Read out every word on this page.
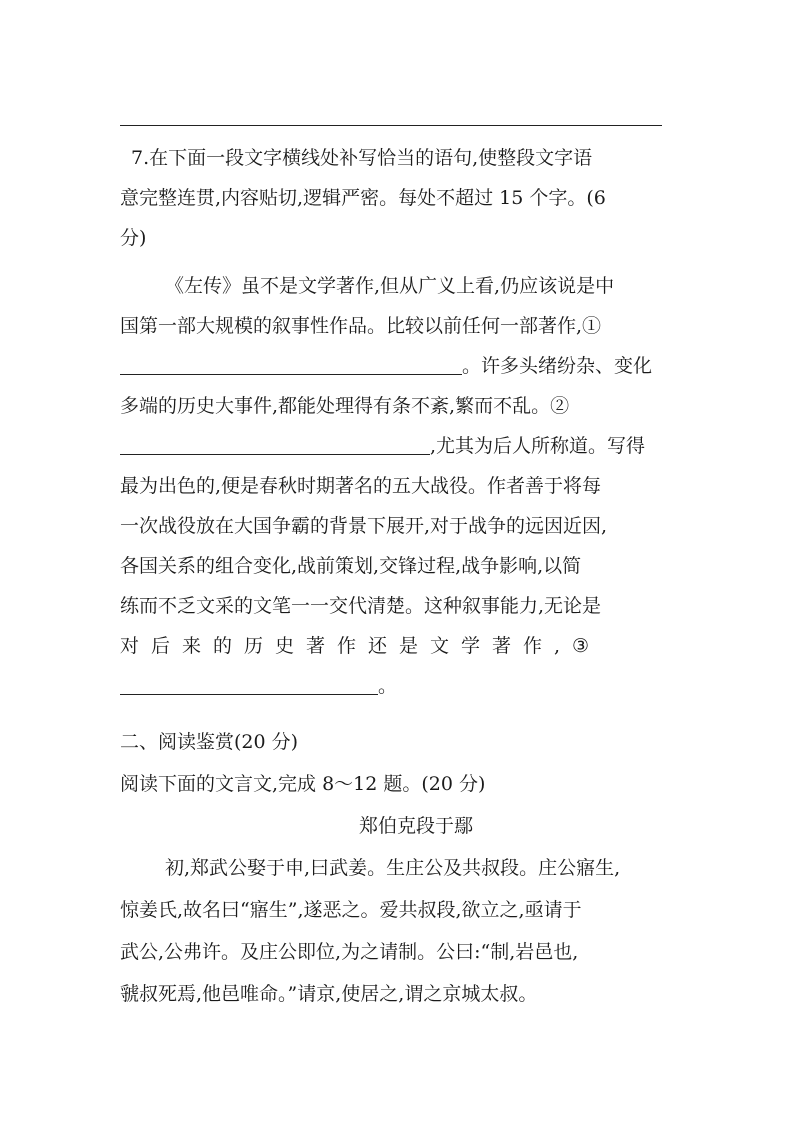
7.在下面一段文字横线处补写恰当的语句,使整段文字语
意完整连贯,内容贴切,逻辑严密。每处不超过 15 个字。(6
分)
《左传》虽不是文学著作,但从广义上看,仍应该说是中
国第一部大规模的叙事性作品。比较以前任何一部著作,①
。许多头绪纷杂、变化
多端的历史大事件,都能处理得有条不紊,繁而不乱。②
,尤其为后人所称道。写得
最为出色的,便是春秋时期著名的五大战役。作者善于将每
一次战役放在大国争霸的背景下展开,对于战争的远因近因,
各国关系的组合变化,战前策划,交锋过程,战争影响,以简
练而不乏文采的文笔一一交代清楚。这种叙事能力,无论是
对后来的历史著作还是文学著作,③
。
二、阅读鉴赏(20 分)
阅读下面的文言文,完成 8～12 题。(20 分)
郑伯克段于鄢
初,郑武公娶于申,曰武姜。生庄公及共叔段。庄公寤生,
惊姜氏,故名曰“寤生”,遂恶之。爱共叔段,欲立之,亟请于
武公,公弗许。及庄公即位,为之请制。公曰:“制,岩邑也,
虢叔死焉,他邑唯命。”请京,使居之,谓之京城太叔。
